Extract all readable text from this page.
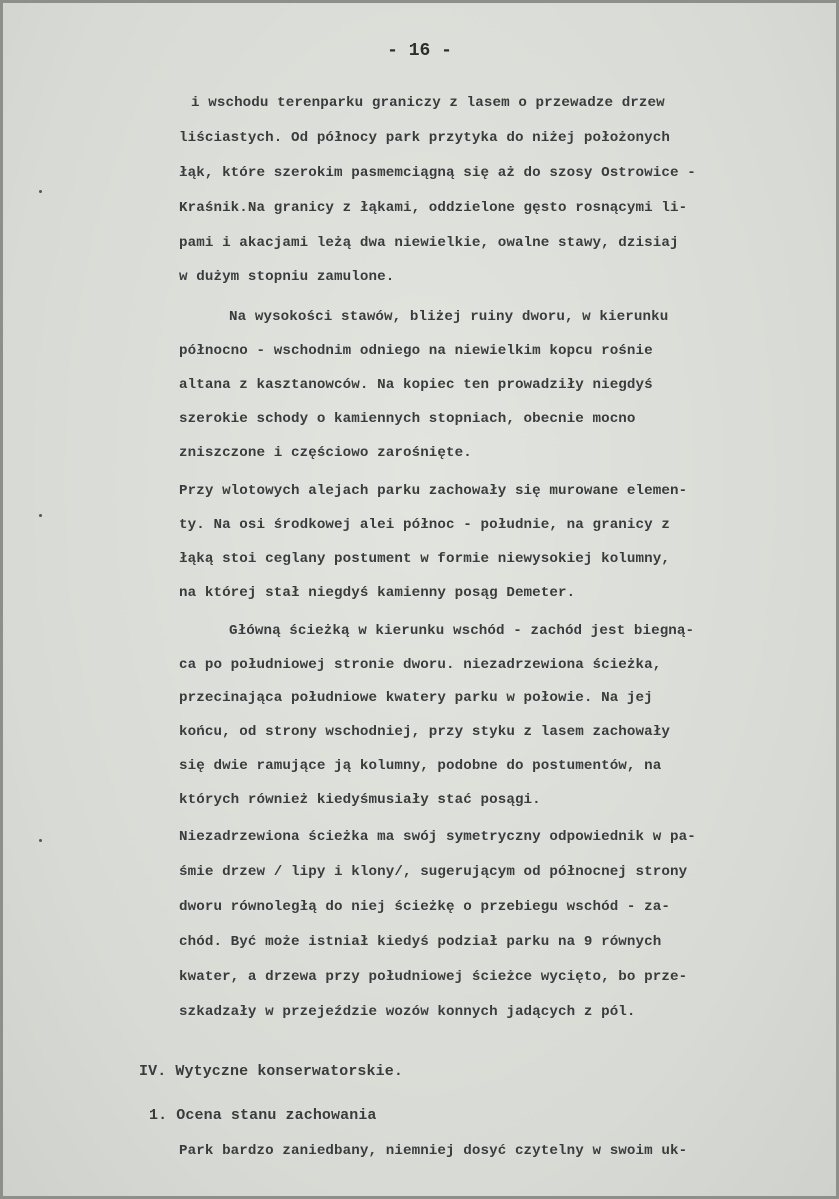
- 16 -
i wschodu terenparku graniczy z lasem o przewadze drzew
liściastych. Od północy park przytyka do niżej położonych
łąk, które szerokim pasmemciągną się aż do szosy Ostrowice -
Kraśnik.Na granicy z łąkami, oddzielone gęsto rosnącymi li-
pami i akacjami leżą dwa niewielkie, owalne stawy, dzisiaj
w dużym stopniu zamulone.
Na wysokości stawów, bliżej ruiny dworu, w kierunku
północno - wschodnim odniego na niewielkim kopcu rośnie
altana z kasztanowców. Na kopiec ten prowadziły niegdyś
szerokie schody o kamiennych stopniach, obecnie mocno
zniszczone i częściowo zarośnięte.
Przy wlotowych alejach parku zachowały się murowane elemen-
ty. Na osi środkowej alei północ - południe, na granicy z
łąką stoi ceglany postument w formie niewysokiej kolumny,
na której stał niegdyś kamienny posąg Demeter.
Główną ścieżką w kierunku wschód - zachód jest biegną-
ca po południowej stronie dworu. niezadrzewiona ścieżka,
przecinająca południowe kwatery parku w połowie. Na jej
końcu, od strony wschodniej, przy styku z lasem zachowały
się dwie ramujące ją kolumny, podobne do postumentów, na
których również kiedyśmusiały stać posągi.
Niezadrzewiona ścieżka ma swój symetryczny odpowiednik w pa-
śmie drzew / lipy i klony/, sugerującym od północnej strony
dworu równoległą do niej ścieżkę o przebiegu wschód - za-
chód. Być może istniał kiedyś podział parku na 9 równych
kwater, a drzewa przy południowej ścieżce wycięto, bo prze-
szkadzały w przejeździe wozów konnych jadących z pól.
IV. Wytyczne konserwatorskie.
1. Ocena stanu zachowania
Park bardzo zaniedbany, niemniej dosyć czytelny w swoim uk-
